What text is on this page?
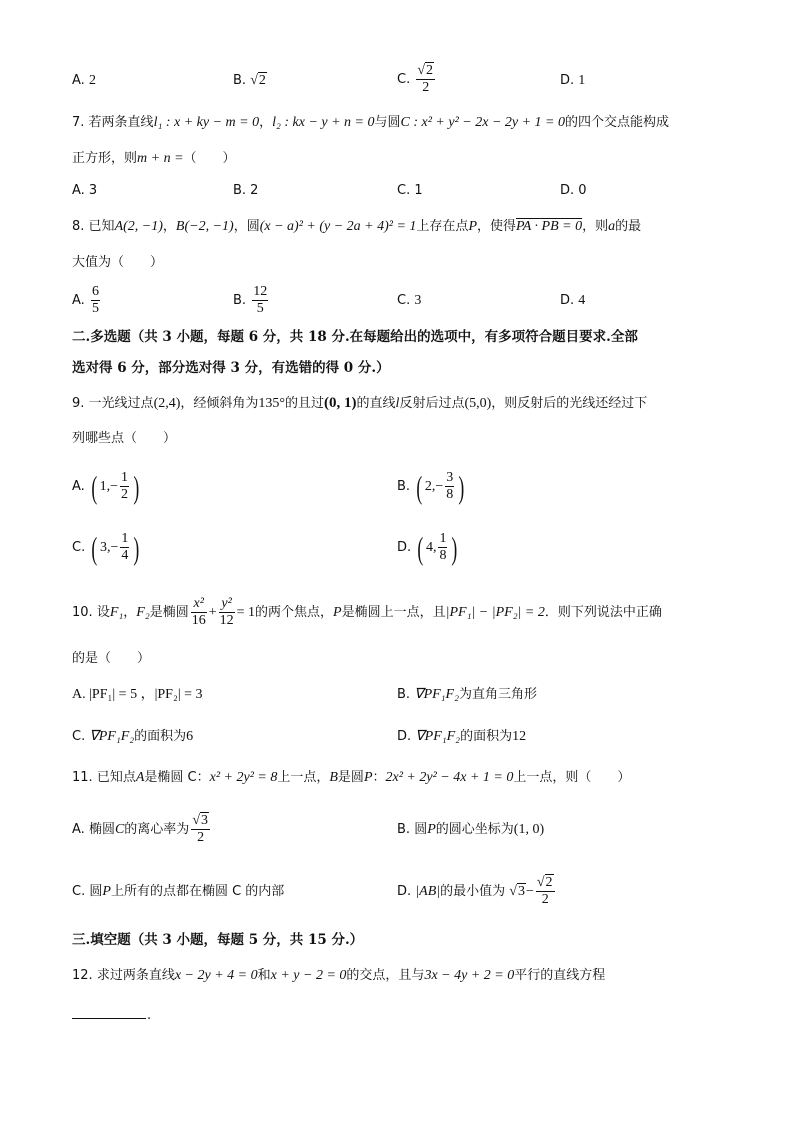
A. 2	B. √2	C. $\frac{√2}{2}$	D. 1
7. 若两条直线l₁ : x + ky − m = 0，l₂ : kx − y + n = 0与圆C : x² + y² − 2x − 2y + 1 = 0的四个交点能构成
正方形，则m + n =（　　）
A. 3	B. 2	C. 1	D. 0
8. 已知A(2, −1)，B(−2, −1)，圆(x − a)² + (y − 2a + 4)² = 1上存在点P，使得PA · PB = 0，则a的最
大值为（　　）
A. $\frac{6}{5}$	B. $\frac{12}{5}$	C. 3	D. 4
二.多选题（共 3 小题，每题 6 分，共 18 分.在每题给出的选项中，有多项符合题目要求.全部
选对得 6 分，部分选对得 3 分，有选错的得 0 分.）
9. 一光线过点(2,4)，经倾斜角为135°的且过(0, 1)的直线l反射后过点(5,0)，则反射后的光线还经过下
列哪些点（　　）
A. ( $1,- \frac{1}{2}$ )	B. ( $2,- \frac{3}{8}$ )
C. ( $3,- \frac{1}{4}$ )	D. ( 4, $\frac{1}{8}$ )
10. 设F₁，F₂是椭圆 $\frac{\text{x²}}{16} + \frac{\text{y²}}{12} = 1$的两个焦点，P是椭圆上一点，且|PF₁| − |PF₂| = 2．则下列说法中正确
的是（　　）
A. |PF₁| = 5 ，|PF₂| = 3	B. ∇PF₁F₂为直角三角形
C. ∇PF₁F₂的面积为6	D. ∇PF₁F₂的面积为12
11. 已知点A是椭圆 C：x² + 2y² = 8上一点，B是圆P：2x² + 2y² − 4x + 1 = 0上一点，则（　　）
A. 椭圆C的离心率为 $\frac{√3}{2}$	B. 圆P的圆心坐标为(1, 0)
C. 圆P上所有的点都在椭圆 C 的内部	D. |AB|的最小值为 $√3- \frac{√2}{2}$
三.填空题（共 3 小题，每题 5 分，共 15 分.）
12. 求过两条直线x − 2y + 4 = 0和x + y − 2 = 0的交点，且与3x − 4y + 2 = 0平行的直线方程
.
